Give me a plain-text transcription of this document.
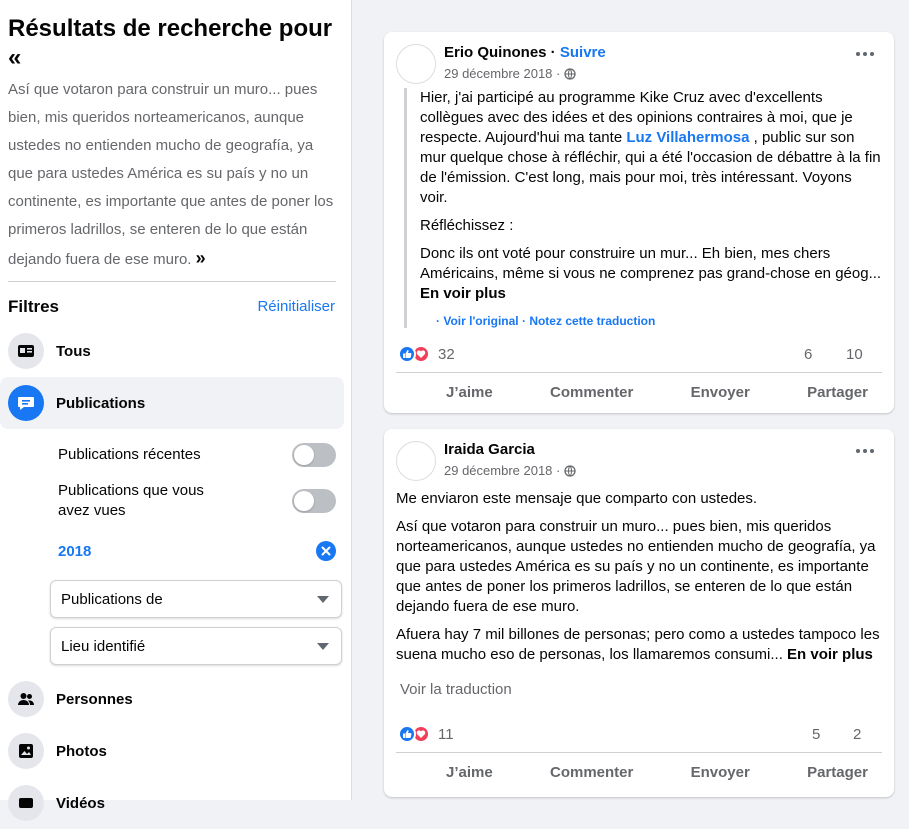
Résultats de recherche pour «

Así que votaron para construir un muro... pues bien, mis queridos norteamericanos, aunque ustedes no entienden mucho de geografía, ya que para ustedes América es su país y no un continente, es importante que antes de poner los primeros ladrillos, se enteren de lo que están dejando fuera de ese muro. »

Filtres	Réinitialiser
Tous
Publications
Publications récentes
Publications que vous avez vues
2018
Publications de
Lieu identifié
Personnes
Photos
Vidéos
Erio Quinones · Suivre
29 décembre 2018 ·

Hier, j'ai participé au programme Kike Cruz avec d'excellents collègues avec des idées et des opinions contraires à moi, que je respecte. Aujourd'hui ma tante Luz Villahermosa , public sur son mur quelque chose à réfléchir, qui a été l'occasion de débattre à la fin de l'émission. C'est long, mais pour moi, très intéressant. Voyons voir.

Réfléchissez :

Donc ils ont voté pour construire un mur... Eh bien, mes chers Américains, même si vous ne comprenez pas grand-chose en géog... En voir plus

· Voir l'original · Notez cette traduction
32	6 10
J’aime	Commenter	Envoyer	Partager
Iraida Garcia
29 décembre 2018 ·

Me enviaron este mensaje que comparto con ustedes.

Así que votaron para construir un muro... pues bien, mis queridos norteamericanos, aunque ustedes no entienden mucho de geografía, ya que para ustedes América es su país y no un continente, es importante que antes de poner los primeros ladrillos, se enteren de lo que están dejando fuera de ese muro.

Afuera hay 7 mil billones de personas; pero como a ustedes tampoco les suena mucho eso de personas, los llamaremos consumi... En voir plus

Voir la traduction
11	5 2
J’aime	Commenter	Envoyer	Partager
